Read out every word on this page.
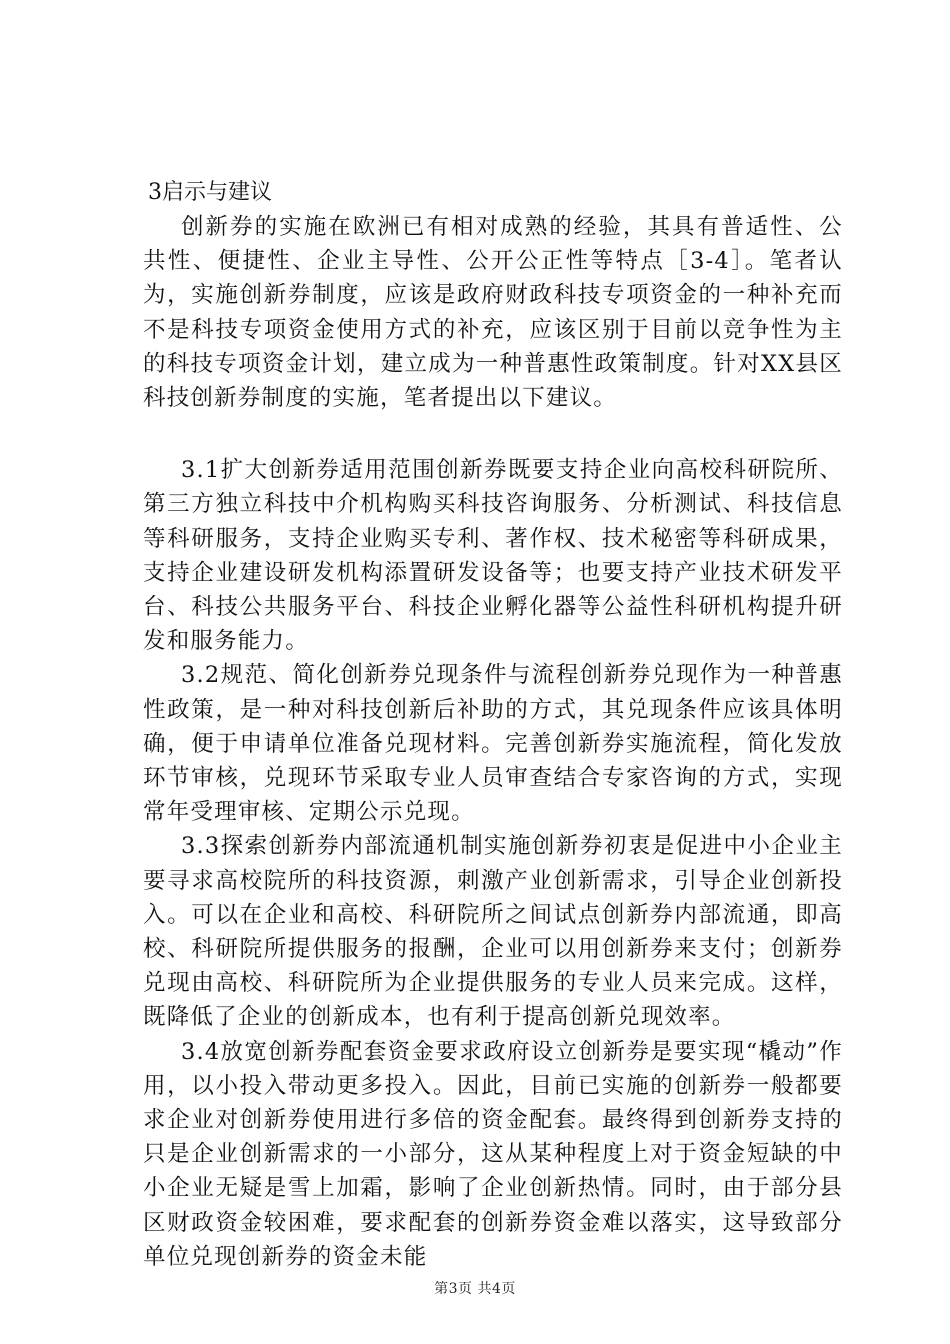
3启示与建议

创新券的实施在欧洲已有相对成熟的经验，其具有普适性、公共性、便捷性、企业主导性、公开公正性等特点［3-4］。笔者认为，实施创新券制度，应该是政府财政科技专项资金的一种补充而不是科技专项资金使用方式的补充，应该区别于目前以竞争性为主的科技专项资金计划，建立成为一种普惠性政策制度。针对XX县区科技创新券制度的实施，笔者提出以下建议。

3.1扩大创新券适用范围创新券既要支持企业向高校科研院所、第三方独立科技中介机构购买科技咨询服务、分析测试、科技信息等科研服务，支持企业购买专利、著作权、技术秘密等科研成果，支持企业建设研发机构添置研发设备等；也要支持产业技术研发平台、科技公共服务平台、科技企业孵化器等公益性科研机构提升研发和服务能力。

3.2规范、简化创新券兑现条件与流程创新券兑现作为一种普惠性政策，是一种对科技创新后补助的方式，其兑现条件应该具体明确，便于申请单位准备兑现材料。完善创新券实施流程，简化发放环节审核，兑现环节采取专业人员审查结合专家咨询的方式，实现常年受理审核、定期公示兑现。

3.3探索创新券内部流通机制实施创新券初衷是促进中小企业主要寻求高校院所的科技资源，刺激产业创新需求，引导企业创新投入。可以在企业和高校、科研院所之间试点创新券内部流通，即高校、科研院所提供服务的报酬，企业可以用创新券来支付；创新券兑现由高校、科研院所为企业提供服务的专业人员来完成。这样，既降低了企业的创新成本，也有利于提高创新兑现效率。

3.4放宽创新券配套资金要求政府设立创新券是要实现“橇动”作用，以小投入带动更多投入。因此，目前已实施的创新券一般都要求企业对创新券使用进行多倍的资金配套。最终得到创新券支持的只是企业创新需求的一小部分，这从某种程度上对于资金短缺的中小企业无疑是雪上加霜，影响了企业创新热情。同时，由于部分县区财政资金较困难，要求配套的创新券资金难以落实，这导致部分单位兑现创新券的资金未能

第3页 共4页
